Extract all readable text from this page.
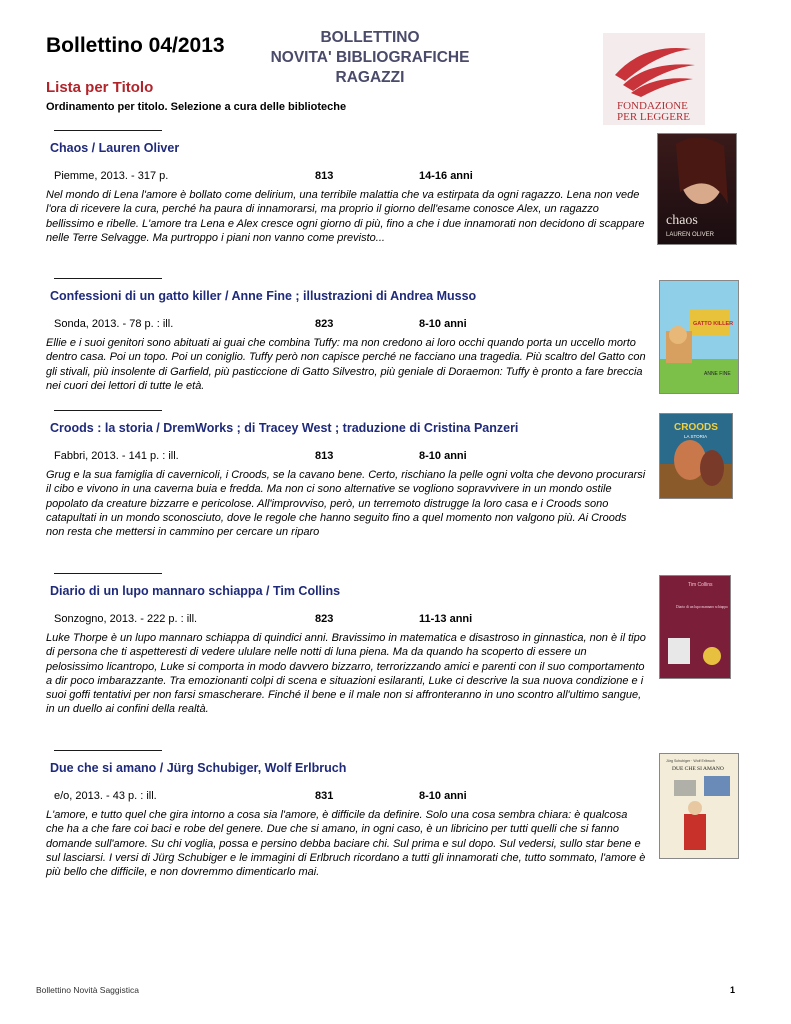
Bollettino 04/2013	BOLLETTINO
NOVITA' BIBLIOGRAFICHE
RAGAZZI
Lista per Titolo
Ordinamento per titolo. Selezione a cura delle biblioteche	FONDAZIONE
PER LEGGERE
Chaos / Lauren Oliver
Piemme, 2013. - 317 p.	813	14-16 anni
Nel mondo di Lena l'amore è bollato come delirium, una terribile malattia che va estirpata da ogni ragazzo. Lena non vede l'ora di ricevere la cura, perché ha paura di innamorarsi, ma proprio il giorno dell'esame conosce Alex, un ragazzo bellissimo e ribelle. L'amore tra Lena e Alex cresce ogni giorno di più, fino a che i due innamorati non decidono di scappare nelle Terre Selvagge. Ma purtroppo i piani non vanno come previsto...
chaos
LAUREN OLIVER
Confessioni di un gatto killer / Anne Fine ; illustrazioni di Andrea Musso
Sonda, 2013. - 78 p. : ill.	823	8-10 anni
Ellie e i suoi genitori sono abituati ai guai che combina Tuffy: ma non credono ai loro occhi quando porta un uccello morto dentro casa. Poi un topo. Poi un coniglio. Tuffy però non capisce perché ne facciano una tragedia. Più scaltro del Gatto con gli stivali, più insolente di Garfield, più pasticcione di Gatto Silvestro, più geniale di Doraemon: Tuffy è pronto a fare breccia nei cuori dei lettori di tutte le età.
GATTO KILLER
ANNE FINE
Croods : la storia / DremWorks ; di Tracey West ; traduzione di Cristina Panzeri
Fabbri, 2013. - 141 p. : ill.	813	8-10 anni
Grug e la sua famiglia di cavernicoli, i Croods, se la cavano bene. Certo, rischiano la pelle ogni volta che devono procurarsi il cibo e vivono in una caverna buia e fredda. Ma non ci sono alternative se vogliono sopravvivere in un mondo ostile popolato da creature bizzarre e pericolose. All'improvviso, però, un terremoto distrugge la loro casa e i Croods sono catapultati in un mondo sconosciuto, dove le regole che hanno seguito fino a quel momento non valgono più. Ai Croods non resta che mettersi in cammino per cercare un riparo
CROODS
LA STORIA
Diario di un lupo mannaro schiappa / Tim Collins
Sonzogno, 2013. - 222 p. : ill.	823	11-13 anni
Luke Thorpe è un lupo mannaro schiappa di quindici anni. Bravissimo in matematica e disastroso in ginnastica, non è il tipo di persona che ti aspetteresti di vedere ululare nelle notti di luna piena. Ma da quando ha scoperto di essere un pelosissimo licantropo, Luke si comporta in modo davvero bizzarro, terrorizzando amici e parenti con il suo comportamento a dir poco imbarazzante. Tra emozionanti colpi di scena e situazioni esilaranti, Luke ci descrive la sua nuova condizione e i suoi goffi tentativi per non farsi smascherare. Finché il bene e il male non si affronteranno in uno scontro all'ultimo sangue, in un duello ai confini della realtà.
Tim Collins
Diario di un lupo mannaro schiappa
Due che si amano / Jürg Schubiger, Wolf Erlbruch
e/o, 2013. - 43 p. : ill.	831	8-10 anni
L'amore, e tutto quel che gira intorno a cosa sia l'amore, è difficile da definire. Solo una cosa sembra chiara: è qualcosa che ha a che fare coi baci e robe del genere. Due che si amano, in ogni caso, è un libricino per tutti quelli che si fanno domande sull'amore. Su chi voglia, possa e persino debba baciare chi. Sul prima e sul dopo. Sul vedersi, sullo star bene e sul lasciarsi. I versi di Jürg Schubiger e le immagini di Erlbruch ricordano a tutti gli innamorati che, tutto sommato, l'amore è più bello che difficile, e non dovremmo dimenticarlo mai.
Jürg Schubiger · Wolf Erlbruch
DUE CHE SI AMANO
Bollettino Novità Saggistica	1
